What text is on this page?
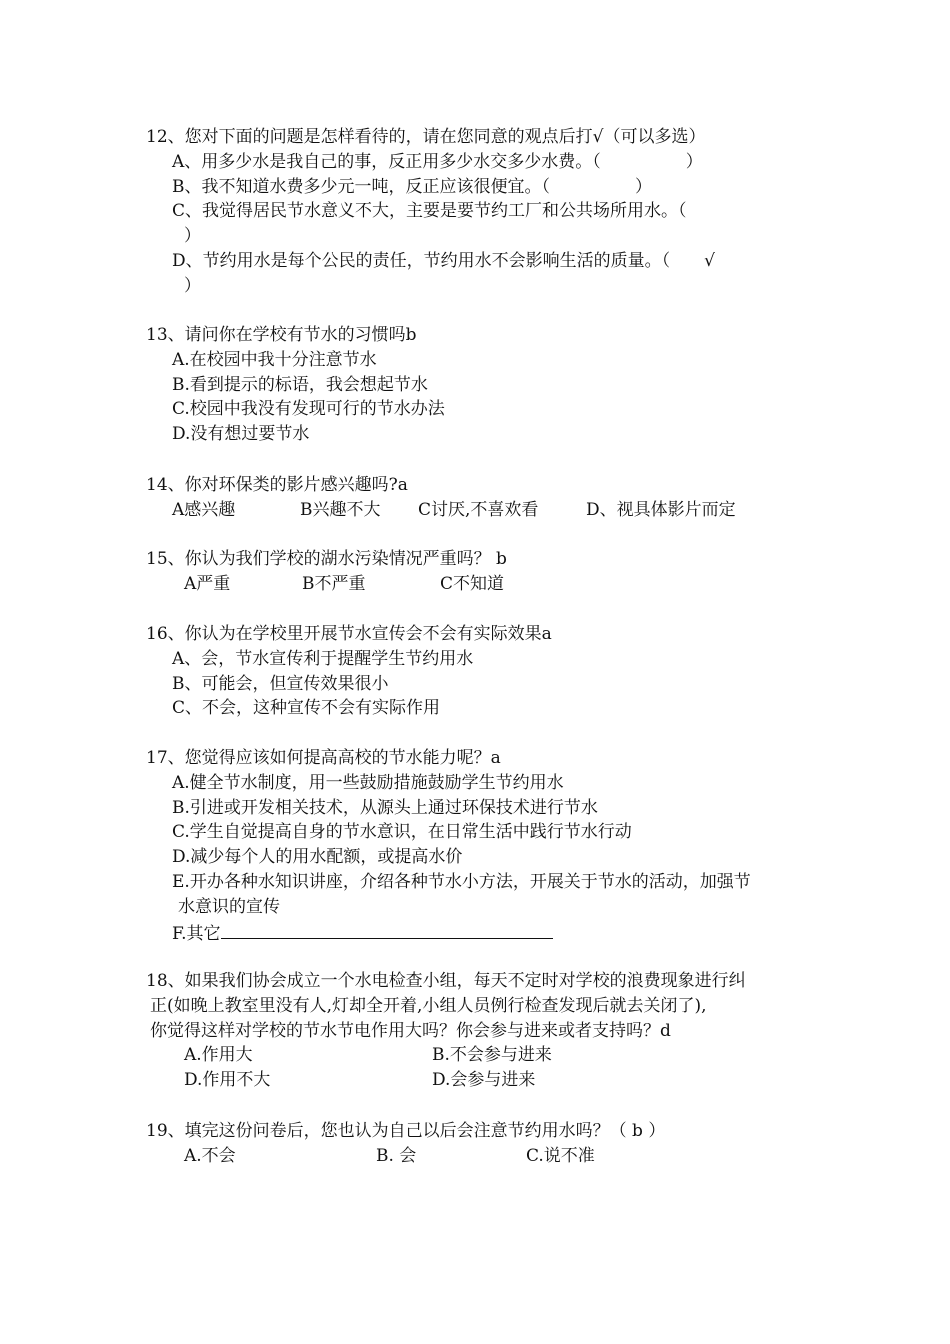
12、您对下面的问题是怎样看待的，请在您同意的观点后打√（可以多选）
A、用多少水是我自己的事，反正用多少水交多少水费。（　　　　　）
B、我不知道水费多少元一吨，反正应该很便宜。（　　　　　）
C、我觉得居民节水意义不大，主要是要节约工厂和公共场所用水。（
）
D、节约用水是每个公民的责任，节约用水不会影响生活的质量。（　　√
）
13、请问你在学校有节水的习惯吗b
A.在校园中我十分注意节水
B.看到提示的标语，我会想起节水
C.校园中我没有发现可行的节水办法
D.没有想过要节水
14、你对环保类的影片感兴趣吗?a
A感兴趣	B兴趣不大	C讨厌,不喜欢看	D、视具体影片而定
15、你认为我们学校的湖水污染情况严重吗？ b
A严重	B不严重	C不知道
16、你认为在学校里开展节水宣传会不会有实际效果a
A、会，节水宣传利于提醒学生节约用水
B、可能会，但宣传效果很小
C、不会，这种宣传不会有实际作用
17、您觉得应该如何提高高校的节水能力呢？a
A.健全节水制度，用一些鼓励措施鼓励学生节约用水
B.引进或开发相关技术，从源头上通过环保技术进行节水
C.学生自觉提高自身的节水意识，在日常生活中践行节水行动
D.减少每个人的用水配额，或提高水价
E.开办各种水知识讲座，介绍各种节水小方法，开展关于节水的活动，加强节
水意识的宣传
F.其它
18、如果我们协会成立一个水电检查小组，每天不定时对学校的浪费现象进行纠
正(如晚上教室里没有人,灯却全开着,小组人员例行检查发现后就去关闭了),
你觉得这样对学校的节水节电作用大吗？你会参与进来或者支持吗？d
A.作用大	B.不会参与进来
D.作用不大	D.会参与进来
19、填完这份问卷后，您也认为自己以后会注意节约用水吗？（ b ）
A.不会	B. 会	C.说不准
